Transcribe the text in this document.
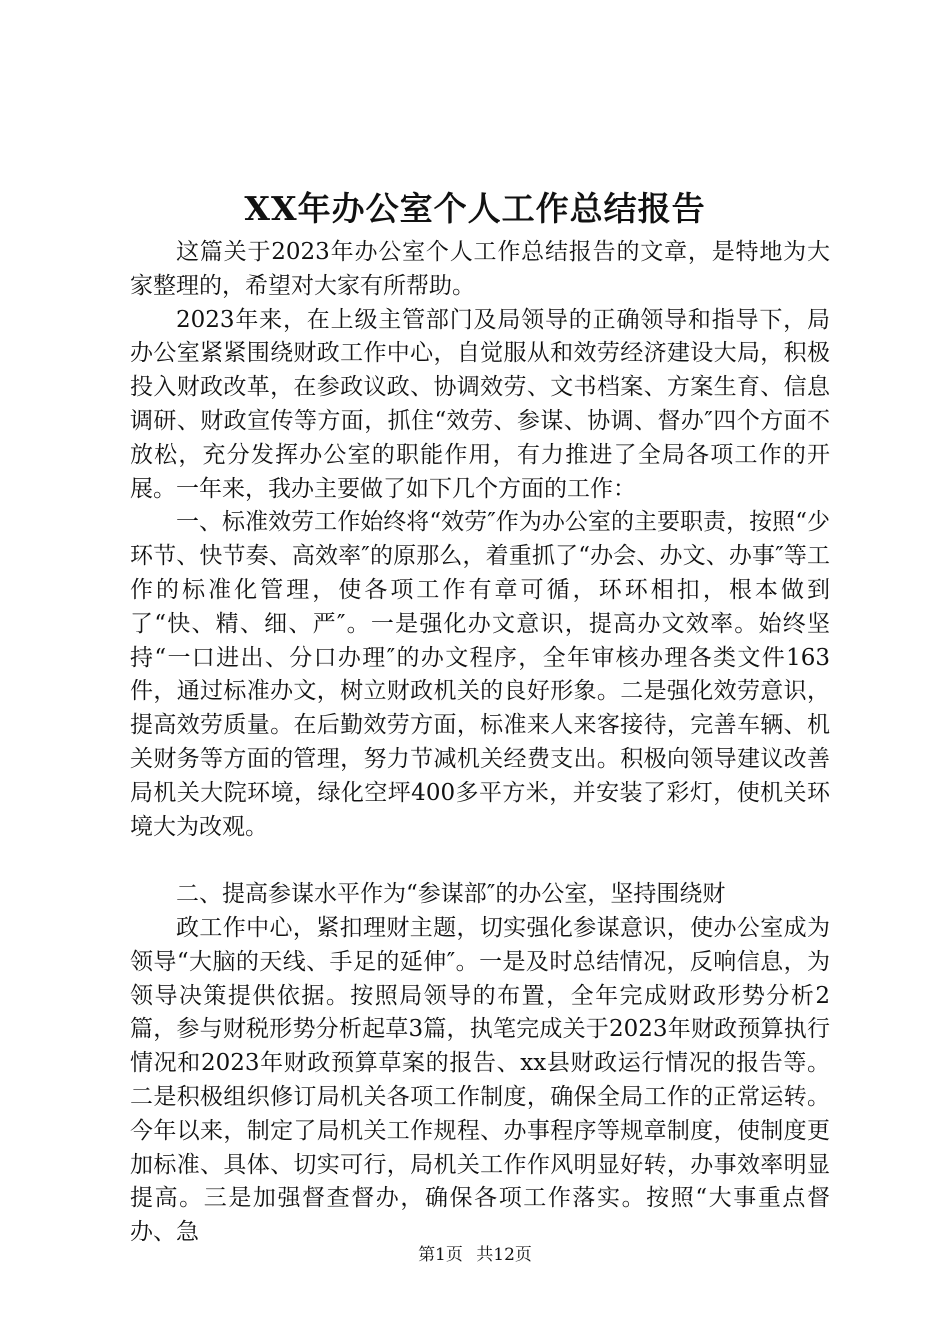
XX年办公室个人工作总结报告

这篇关于2023年办公室个人工作总结报告的文章，是特地为大家整理的，希望对大家有所帮助。

2023年来，在上级主管部门及局领导的正确领导和指导下，局办公室紧紧围绕财政工作中心，自觉服从和效劳经济建设大局，积极投入财政改革，在参政议政、协调效劳、文书档案、方案生育、信息调研、财政宣传等方面，抓住“效劳、参谋、协调、督办″四个方面不放松，充分发挥办公室的职能作用，有力推进了全局各项工作的开展。一年来，我办主要做了如下几个方面的工作：

一、标准效劳工作始终将“效劳″作为办公室的主要职责，按照“少环节、快节奏、高效率″的原那么，着重抓了“办会、办文、办事″等工作的标准化管理，使各项工作有章可循，环环相扣，根本做到了“快、精、细、严″。一是强化办文意识，提高办文效率。始终坚持“一口进出、分口办理″的办文程序，全年审核办理各类文件163件，通过标准办文，树立财政机关的良好形象。二是强化效劳意识，提高效劳质量。在后勤效劳方面，标准来人来客接待，完善车辆、机关财务等方面的管理，努力节减机关经费支出。积极向领导建议改善局机关大院环境，绿化空坪400多平方米，并安装了彩灯，使机关环境大为改观。

二、提高参谋水平作为“参谋部″的办公室，坚持围绕财

政工作中心，紧扣理财主题，切实强化参谋意识，使办公室成为领导“大脑的天线、手足的延伸″。一是及时总结情况，反响信息，为领导决策提供依据。按照局领导的布置，全年完成财政形势分析2篇，参与财税形势分析起草3篇，执笔完成关于2023年财政预算执行情况和2023年财政预算草案的报告、xx县财政运行情况的报告等。二是积极组织修订局机关各项工作制度，确保全局工作的正常运转。今年以来，制定了局机关工作规程、办事程序等规章制度，使制度更加标准、具体、切实可行，局机关工作作风明显好转，办事效率明显提高。三是加强督查督办，确保各项工作落实。按照“大事重点督办、急

第1页 共12页
